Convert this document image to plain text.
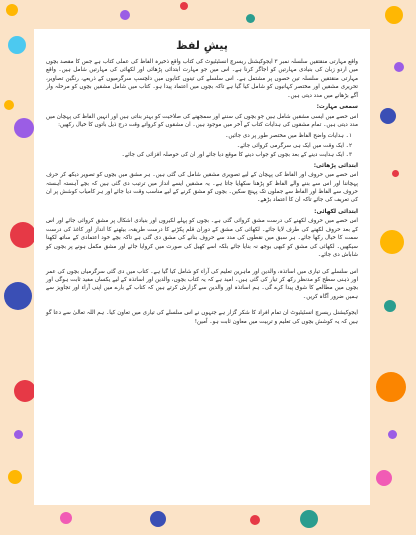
پیشِ لفظ

واقع مہارتی منقتقیں سلسلہ نمبر ۳ ایجوکیشنل ریسرچ انسٹیٹیوٹ کی کتاب واقع ذخیرہ الفاظ کی عملی کتاب ہے جس کا مقصد بچوں میں اردو زبان کی بنیادی مہارتیں کو اجاگر کرنا ہے۔ اس میں جو مہارت ابتدائی پڑھائی اور لکھائی کی مہارتیں شامل ہیں۔ واقع مہارتی منقتقیں سلسلہ تین حصوں پر مشتمل ہے۔ اس سلسلے کی تینوں کتابوں میں دلچسپ سرگرمیوں کے ذریعے، رنگین تصاویر، تحریری مشقیں اور مختصر کہانیوں کو شامل کیا گیا ہے تاکہ بچوں میں اعتماد پیدا ہو۔ کتاب میں شامل مشقیں بچوں کو مرحلہ وار آگے بڑھانے میں مدد دیتی ہیں۔

سمعی مہارت:

اس حصے میں ایسی مشقیں شامل ہیں جو بچوں کی سننے اور سمجھنے کی صلاحیت کو بہتر بناتی ہیں اور انہیں الفاظ کی پہچان میں مدد دیتی ہیں۔ تمام مشقوں کی ہدایات کتاب کے آخر میں موجود ہیں۔ ان مشقوں کو کرواتے وقت درج ذیل باتوں کا خیال رکھیں:

۱۔ ہدایات واضح الفاظ میں مختصر طور پر دی جائیں۔
۲۔ ایک وقت میں ایک ہی سرگرمی کروائی جائے۔
۳۔ ایک ہدایت دینے کے بعد بچوں کو جواب دینے کا موقع دیا جائے اور ان کی حوصلہ افزائی کی جائے۔
ابتدائی پڑھائی:

اس حصے میں حروف اور الفاظ کی پہچان کے لیے تصویری مشقیں شامل کی گئی ہیں۔ ہر مشق میں بچوں کو تصویر دیکھ کر حرف پہچاننا اور اس سے بننے والے الفاظ کو پڑھنا سکھایا جاتا ہے۔ یہ مشقیں ایسے انداز میں ترتیب دی گئی ہیں کہ بچے آہستہ آہستہ حروف سے الفاظ اور الفاظ سے جملوں تک پہنچ سکیں۔ بچوں کو مشق کرنے کے لیے مناسب وقت دیا جائے اور ہر کامیاب کوشش پر ان کی تعریف کی جائے تاکہ ان کا اعتماد بڑھے۔

ابتدائی لکھائی:

اس حصے میں حروف لکھنے کی درست مشق کروائی گئی ہے۔ بچوں کو پہلے لکیروں اور بنیادی اشکال پر مشق کروائی جائے اور اس کے بعد حروف لکھنے کی طرف لایا جائے۔ لکھائی کی مشق کے دوران قلم پکڑنے کا درست طریقہ، بیٹھنے کا انداز اور کاغذ کی درست سمت کا خیال رکھا جائے۔ ہر سبق میں نقطوں کی مدد سے حروف بنانے کی مشق دی گئی ہے تاکہ بچے خود اعتمادی کے ساتھ لکھنا سیکھیں۔ لکھائی کی مشق کو کبھی بوجھ نہ بنایا جائے بلکہ اسے کھیل کی صورت میں کروایا جائے اور مشق مکمل ہونے پر بچوں کو شاباش دی جائے۔

اس سلسلے کی تیاری میں اساتذہ، والدین اور ماہرین تعلیم کی آراء کو شامل کیا گیا ہے۔ کتاب میں دی گئی سرگرمیاں بچوں کی عمر اور ذہنی سطح کو مدنظر رکھ کر تیار کی گئی ہیں۔ امید ہے کہ یہ کتاب بچوں، والدین اور اساتذہ کے لیے یکساں مفید ثابت ہوگی اور بچوں میں مطالعے کا شوق پیدا کرے گی۔ ہم اساتذہ اور والدین سے گزارش کرتے ہیں کہ کتاب کے بارے میں اپنی آراء اور تجاویز سے ہمیں ضرور آگاہ کریں۔

ایجوکیشنل ریسرچ انسٹیٹیوٹ ان تمام افراد کا شکر گزار ہے جنہوں نے اس سلسلے کی تیاری میں تعاون کیا۔ ہم اللہ تعالیٰ سے دعا گو ہیں کہ یہ کوشش بچوں کی تعلیم و تربیت میں معاون ثابت ہو۔ آمین!
